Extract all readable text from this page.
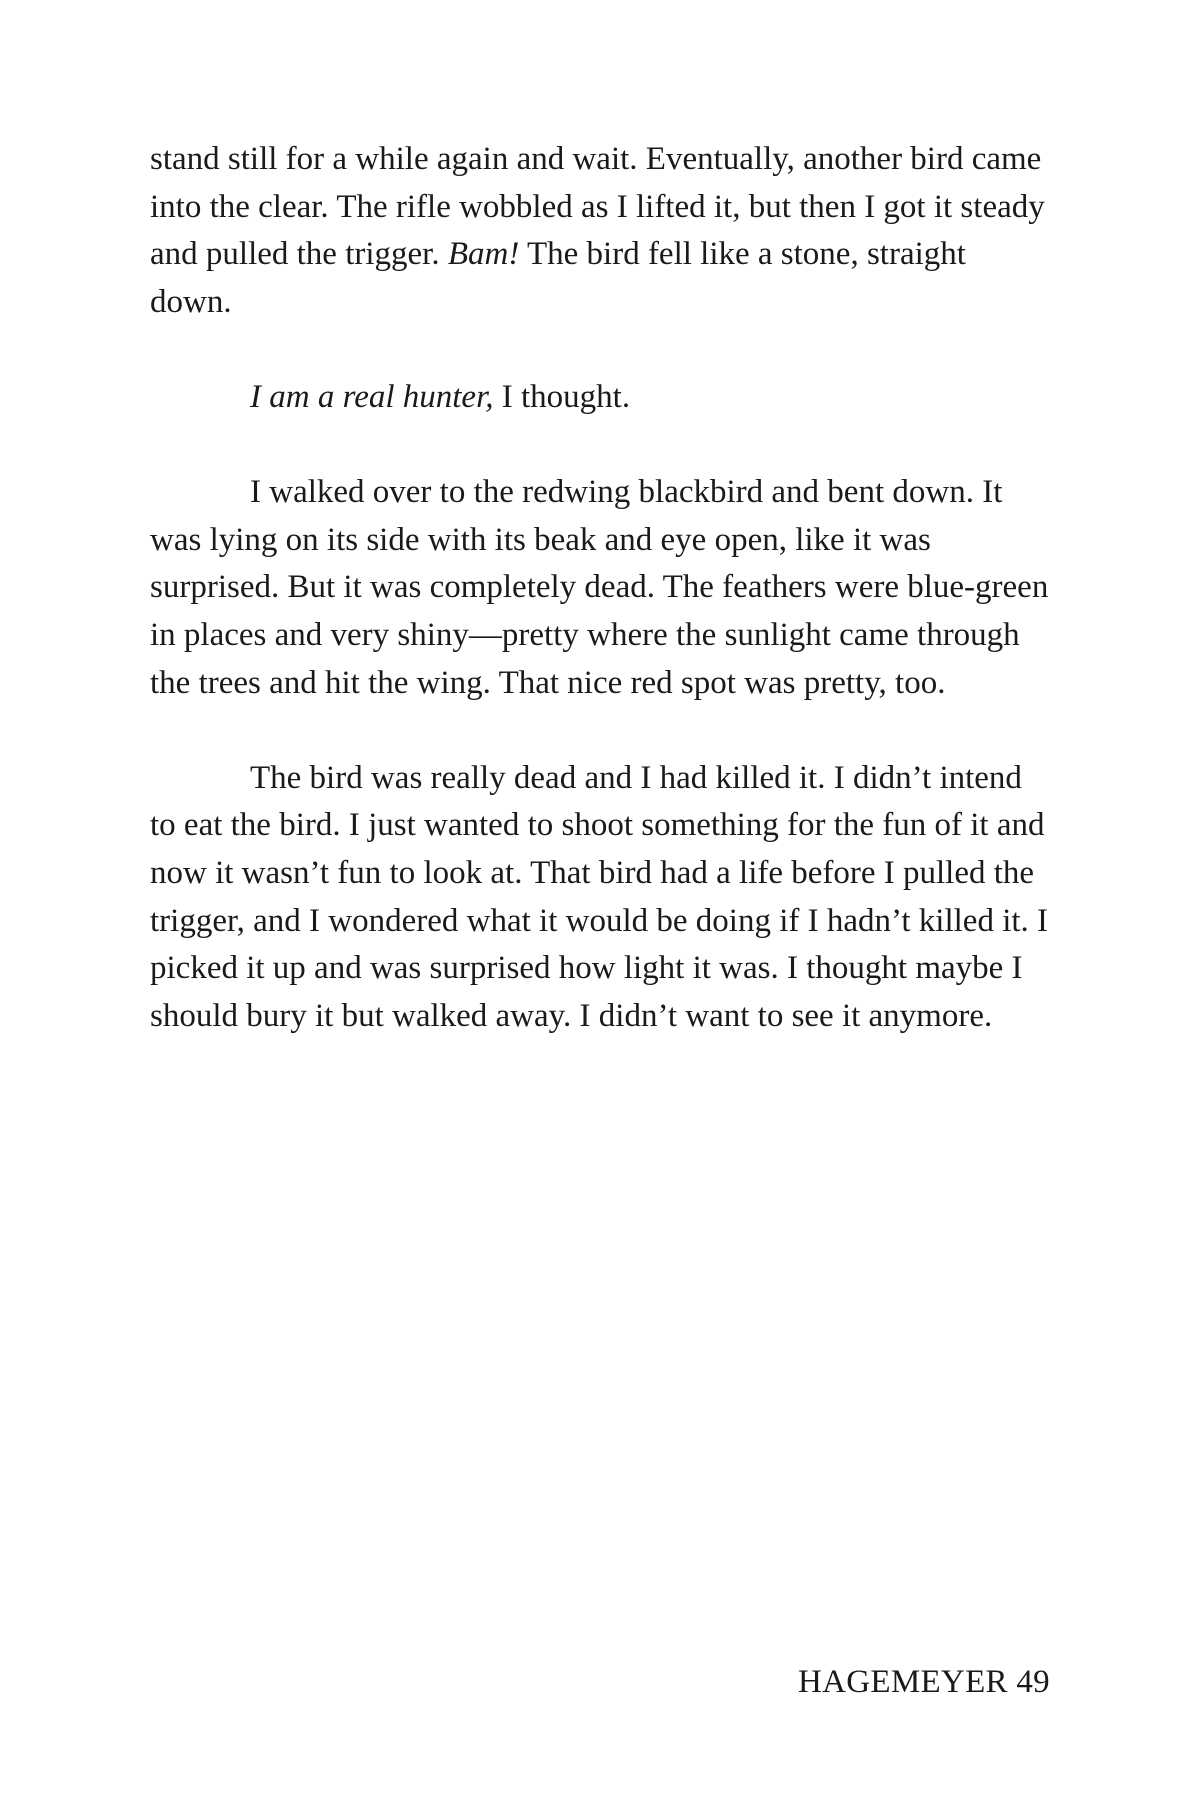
stand still for a while again and wait. Eventually, another bird came into the clear. The rifle wobbled as I lifted it, but then I got it steady and pulled the trigger. Bam! The bird fell like a stone, straight down.

I am a real hunter, I thought.

I walked over to the redwing blackbird and bent down. It was lying on its side with its beak and eye open, like it was surprised. But it was completely dead. The feathers were blue-green in places and very shiny—pretty where the sunlight came through the trees and hit the wing. That nice red spot was pretty, too.

The bird was really dead and I had killed it. I didn’t intend to eat the bird. I just wanted to shoot something for the fun of it and now it wasn’t fun to look at. That bird had a life before I pulled the trigger, and I wondered what it would be doing if I hadn’t killed it. I picked it up and was surprised how light it was. I thought maybe I should bury it but walked away. I didn’t want to see it anymore.

HAGEMEYER 49
